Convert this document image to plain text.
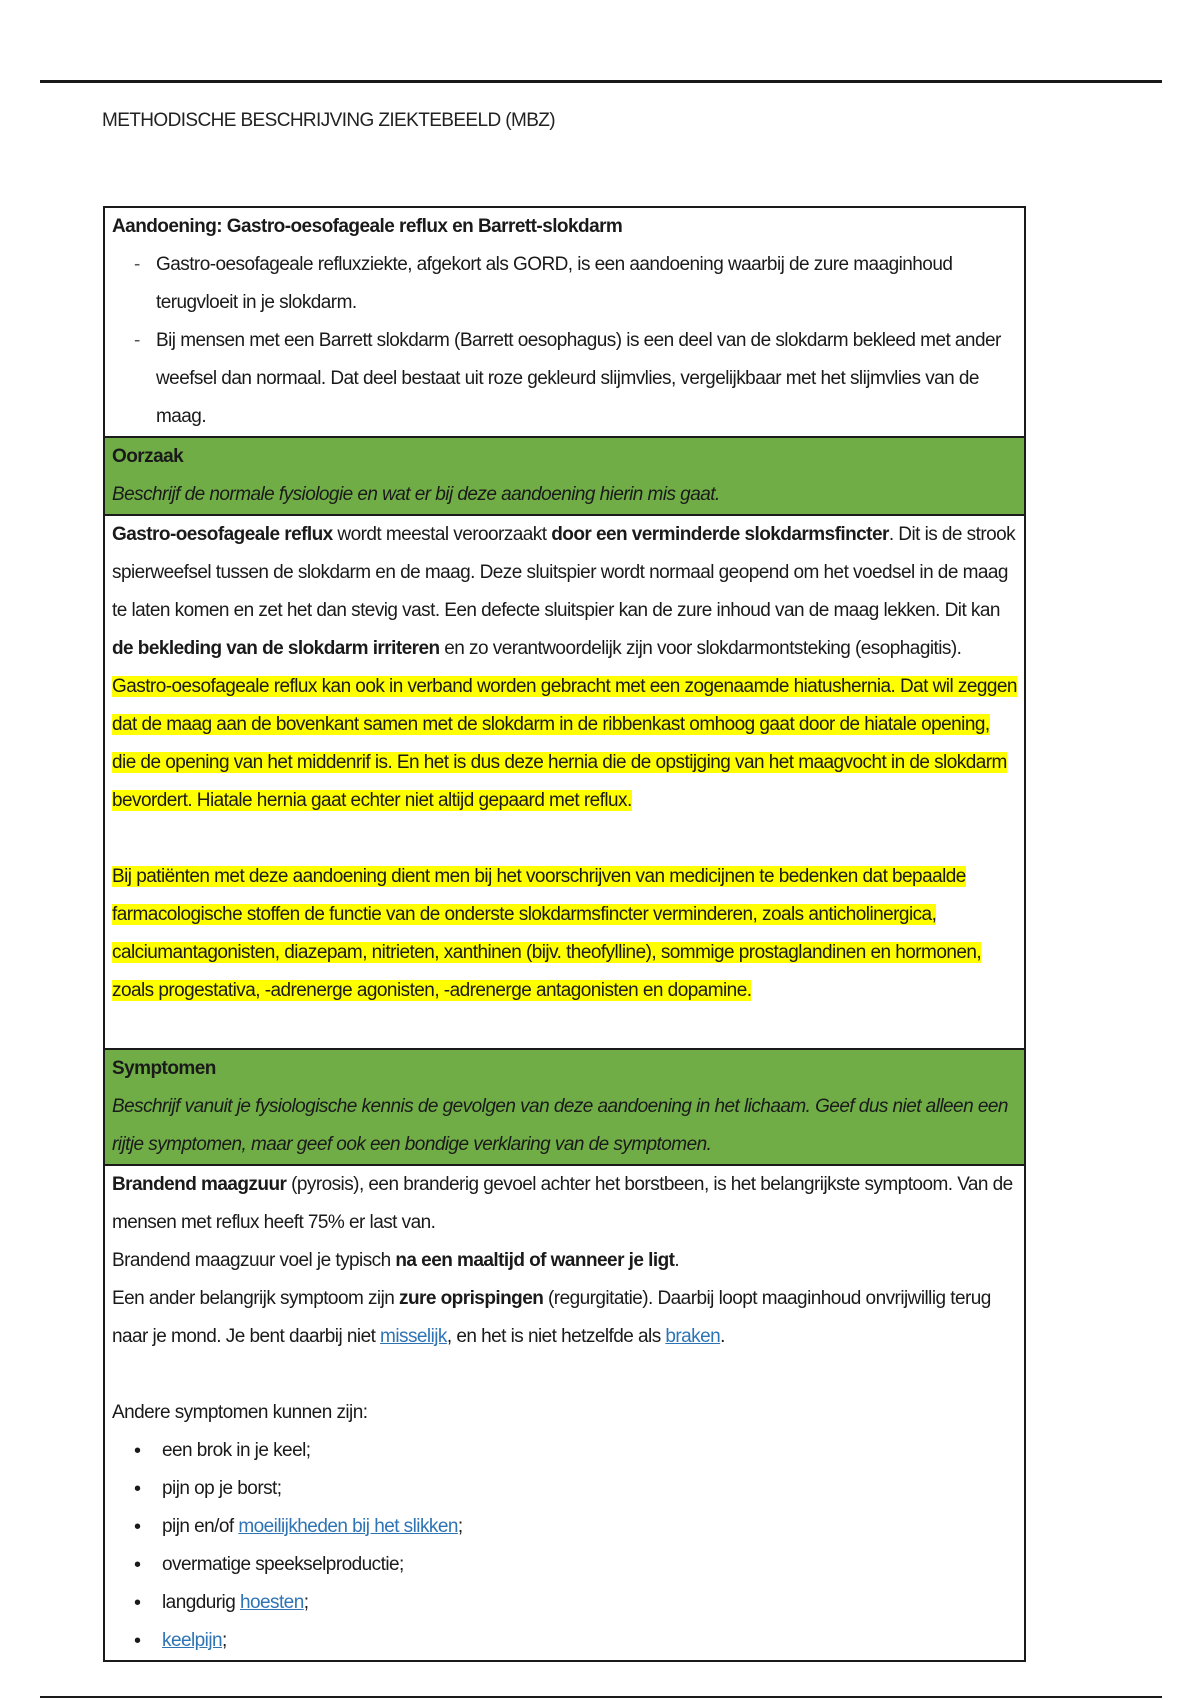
METHODISCHE BESCHRIJVING ZIEKTEBEELD (MBZ)
Aandoening: Gastro-oesofageale reflux en Barrett-slokdarm
- Gastro-oesofageale refluxziekte, afgekort als GORD, is een aandoening waarbij de zure maaginhoud terugvloeit in je slokdarm.
- Bij mensen met een Barrett slokdarm (Barrett oesophagus) is een deel van de slokdarm bekleed met ander weefsel dan normaal. Dat deel bestaat uit roze gekleurd slijmvlies, vergelijkbaar met het slijmvlies van de maag.
Oorzaak
Beschrijf de normale fysiologie en wat er bij deze aandoening hierin mis gaat.

Gastro-oesofageale reflux wordt meestal veroorzaakt door een verminderde slokdarmsfincter. Dit is de strook spierweefsel tussen de slokdarm en de maag. Deze sluitspier wordt normaal geopend om het voedsel in de maag te laten komen en zet het dan stevig vast. Een defecte sluitspier kan de zure inhoud van de maag lekken. Dit kan de bekleding van de slokdarm irriteren en zo verantwoordelijk zijn voor slokdarmontsteking (esophagitis).

Gastro-oesofageale reflux kan ook in verband worden gebracht met een zogenaamde hiatushernia. Dat wil zeggen dat de maag aan de bovenkant samen met de slokdarm in de ribbenkast omhoog gaat door de hiatale opening, die de opening van het middenrif is. En het is dus deze hernia die de opstijging van het maagvocht in de slokdarm bevordert. Hiatale hernia gaat echter niet altijd gepaard met reflux.

Bij patiënten met deze aandoening dient men bij het voorschrijven van medicijnen te bedenken dat bepaalde farmacologische stoffen de functie van de onderste slokdarmsfincter verminderen, zoals anticholinergica, calciumantagonisten, diazepam, nitrieten, xanthinen (bijv. theofylline), sommige prostaglandinen en hormonen, zoals progestativa, -adrenerge agonisten, -adrenerge antagonisten en dopamine.

Symptomen
Beschrijf vanuit je fysiologische kennis de gevolgen van deze aandoening in het lichaam. Geef dus niet alleen een rijtje symptomen, maar geef ook een bondige verklaring van de symptomen.

Brandend maagzuur (pyrosis), een branderig gevoel achter het borstbeen, is het belangrijkste symptoom. Van de mensen met reflux heeft 75% er last van.

Brandend maagzuur voel je typisch na een maaltijd of wanneer je ligt.

Een ander belangrijk symptoom zijn zure oprispingen (regurgitatie). Daarbij loopt maaginhoud onvrijwillig terug naar je mond. Je bent daarbij niet misselijk, en het is niet hetzelfde als braken.

Andere symptomen kunnen zijn:

• een brok in je keel;
• pijn op je borst;
• pijn en/of moeilijkheden bij het slikken;
• overmatige speekselproductie;
• langdurig hoesten;
• keelpijn;
